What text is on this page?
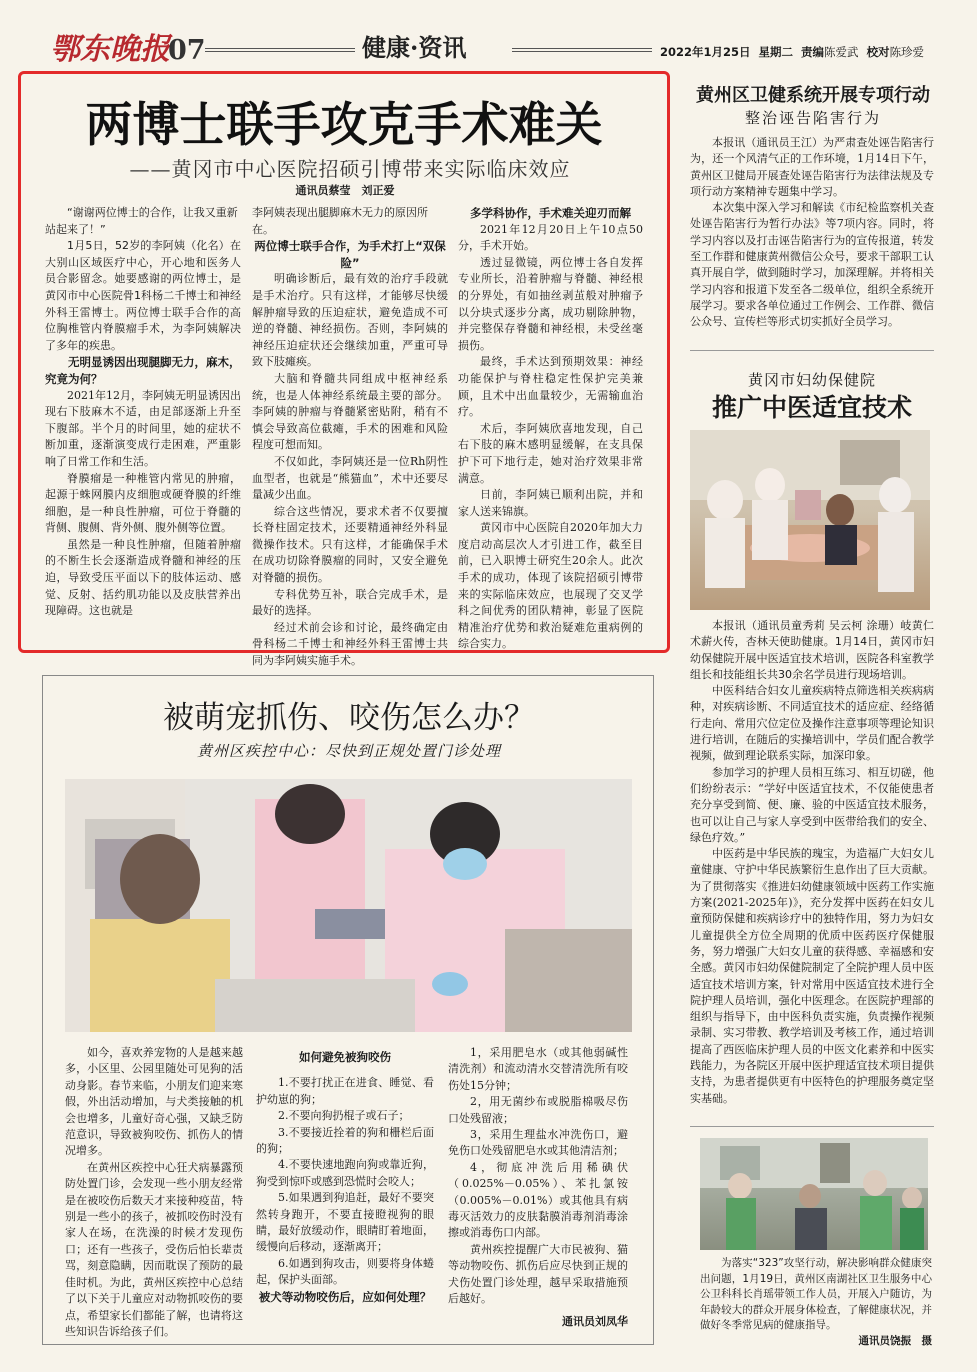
鄂东晚报
07	健康·资讯	2022年1月25日 星期二 责编陈爱武 校对陈珍爱
两博士联手攻克手术难关
——黄冈市中心医院招硕引博带来实际临床效应
通讯员蔡莹　刘正爱

“谢谢两位博士的合作，让我又重新站起来了！”

1月5日，52岁的李阿姨（化名）在大别山区域医疗中心，开心地和医务人员合影留念。她要感谢的两位博士，是黄冈市中心医院骨1科杨二千博士和神经外科王雷博士。两位博士联手合作的高位胸椎管内脊膜瘤手术，为李阿姨解决了多年的疾患。

无明显诱因出现腿脚无力，麻木，究竟为何？

2021年12月，李阿姨无明显诱因出现右下肢麻木不适，由足部逐渐上升至下腹部。半个月的时间里，她的症状不断加重，逐渐演变成行走困难，严重影响了日常工作和生活。

脊膜瘤是一种椎管内常见的肿瘤，起源于蛛网膜内皮细胞或硬脊膜的纤维细胞，是一种良性肿瘤，可位于脊髓的背侧、腹侧、背外侧、腹外侧等位置。

虽然是一种良性肿瘤，但随着肿瘤的不断生长会逐渐造成脊髓和神经的压迫，导致受压平面以下的肢体运动、感觉、反射、括约肌功能以及皮肤营养出现障碍。这也就是

李阿姨表现出腿脚麻木无力的原因所在。

两位博士联手合作，为手术打上“双保险”

明确诊断后，最有效的治疗手段就是手术治疗。只有这样，才能够尽快缓解肿瘤导致的压迫症状，避免造成不可逆的脊髓、神经损伤。否则，李阿姨的神经压迫症状还会继续加重，严重可导致下肢瘫痪。

大脑和脊髓共同组成中枢神经系统，也是人体神经系统最主要的部分。李阿姨的肿瘤与脊髓紧密贴附，稍有不慎会导致高位截瘫，手术的困难和风险程度可想而知。

不仅如此，李阿姨还是一位Rh阴性血型者，也就是“熊猫血”，术中还要尽量减少出血。

综合这些情况，要求术者不仅要擅长脊柱固定技术，还要精通神经外科显微操作技术。只有这样，才能确保手术在成功切除脊膜瘤的同时，又安全避免对脊髓的损伤。

专科优势互补，联合完成手术，是最好的选择。

经过术前会诊和讨论，最终确定由骨科杨二千博士和神经外科王雷博士共同为李阿姨实施手术。

多学科协作，手术难关迎刃而解

2021年12月20日上午10点50分，手术开始。

透过显微镜，两位博士各自发挥专业所长，沿着肿瘤与脊髓、神经根的分界处，有如抽丝剥茧般对肿瘤予以分块式逐步分离，成功剔除肿物，并完整保存脊髓和神经根，未受丝毫损伤。

最终，手术达到预期效果：神经功能保护与脊柱稳定性保护完美兼顾，且术中出血量较少，无需输血治疗。

术后，李阿姨欣喜地发现，自己右下肢的麻木感明显缓解，在支具保护下可下地行走，她对治疗效果非常满意。

日前，李阿姨已顺利出院，并和家人送来锦旗。

黄冈市中心医院自2020年加大力度启动高层次人才引进工作，截至目前，已入职博士研究生20余人。此次手术的成功，体现了该院招硕引博带来的实际临床效应，也展现了交叉学科之间优秀的团队精神，彰显了医院精准治疗优势和救治疑难危重病例的综合实力。

黄州区卫健系统开展专项行动
整治诬告陷害行为

本报讯（通讯员王江）为严肃查处诬告陷害行为，还一个风清气正的工作环境，1月14日下午，黄州区卫健局开展查处诬告陷害行为法律法规及专项行动方案精神专题集中学习。

本次集中深入学习和解读《市纪检监察机关查处诬告陷害行为暂行办法》等7项内容。同时，将学习内容以及打击诬告陷害行为的宣传报道，转发至工作群和健康黄州微信公众号，要求干部职工认真开展自学，做到随时学习，加深理解。并将相关学习内容和报道下发至各二级单位，组织全系统开展学习。要求各单位通过工作例会、工作群、微信公众号、宣传栏等形式切实抓好全员学习。

黄冈市妇幼保健院
推广中医适宜技术

本报讯（通讯员童秀莉 吴云柯 涂珊）岐黄仁术薪火传，杏林天使助健康。1月14日，黄冈市妇幼保健院开展中医适宜技术培训，医院各科室教学组长和技能组长共30余名学员进行现场培训。

中医科结合妇女儿童疾病特点筛选相关疾病病种，对疾病诊断、不同适宜技术的适应症、经络循行走向、常用穴位定位及操作注意事项等理论知识进行培训，在随后的实操培训中，学员们配合教学视频，做到理论联系实际，加深印象。

参加学习的护理人员相互练习、相互切磋，他们纷纷表示：“学好中医适宜技术，不仅能使患者充分享受到简、便、廉、验的中医适宜技术服务，也可以让自己与家人享受到中医带给我们的安全、绿色疗效。”

中医药是中华民族的瑰宝，为造福广大妇女儿童健康、守护中华民族繁衍生息作出了巨大贡献。为了贯彻落实《推进妇幼健康领域中医药工作实施方案(2021-2025年)》，充分发挥中医药在妇女儿童预防保健和疾病诊疗中的独特作用，努力为妇女儿童提供全方位全周期的优质中医药医疗保健服务，努力增强广大妇女儿童的获得感、幸福感和安全感。黄冈市妇幼保健院制定了全院护理人员中医适宜技术培训方案，针对常用中医适宜技术进行全院护理人员培训，强化中医理念。在医院护理部的组织与指导下，由中医科负责实施，负责操作视频录制、实习带教、教学培训及考核工作，通过培训提高了西医临床护理人员的中医文化素养和中医实践能力，为各院区开展中医护理适宜技术项目提供支持，为患者提供更有中医特色的护理服务奠定坚实基础。

为落实“323”攻坚行动，解决影响群众健康突出问题，1月19日，黄州区南湖社区卫生服务中心公卫科科长肖瑶带领工作人员，开展入户随访，为年龄较大的群众开展身体检查，了解健康状况，并做好冬季常见病的健康指导。

通讯员饶振　摄

被萌宠抓伤、咬伤怎么办？
黄州区疾控中心：尽快到正规处置门诊处理

如今，喜欢养宠物的人是越来越多，小区里、公园里随处可见狗的活动身影。春节来临，小朋友们迎来寒假，外出活动增加，与犬类接触的机会也增多，儿童好奇心强，又缺乏防范意识，导致被狗咬伤、抓伤人的情况增多。

在黄州区疾控中心狂犬病暴露预防处置门诊，会发现一些小朋友经常是在被咬伤后数天才来接种疫苗，特别是一些小的孩子，被抓咬伤时没有家人在场，在洗澡的时候才发现伤口；还有一些孩子，受伤后怕长辈责骂，刻意隐瞒，因而耽误了预防的最佳时机。为此，黄州区疾控中心总结了以下关于儿童应对动物抓咬伤的要点，希望家长们都能了解，也请将这些知识告诉给孩子们。

如何避免被狗咬伤

1.不要打扰正在进食、睡觉、看护幼崽的狗；

2.不要向狗扔棍子或石子；

3.不要接近拴着的狗和栅栏后面的狗；

4.不要快速地跑向狗或靠近狗，狗受到惊吓或感到恐慌时会咬人；

5.如果遇到狗追赶，最好不要突然转身跑开，不要直接瞪视狗的眼睛，最好放缓动作，眼睛盯着地面，缓慢向后移动，逐渐离开；

6.如遇到狗攻击，则要将身体蜷起，保护头面部。

被犬等动物咬伤后，应如何处理？

1，采用肥皂水（或其他弱碱性清洗剂）和流动清水交替清洗所有咬伤处15分钟；

2，用无菌纱布或脱脂棉吸尽伤口处残留液；

3，采用生理盐水冲洗伤口，避免伤口处残留肥皂水或其他清洁剂；

4，彻底冲洗后用稀碘伏（0.025%－0.05%）、苯扎氯铵（0.005%－0.01%）或其他具有病毒灭活效力的皮肤黏膜消毒剂消毒涂擦或消毒伤口内部。

黄州疾控提醒广大市民被狗、猫等动物咬伤、抓伤后应尽快到正规的犬伤处置门诊处理，越早采取措施预后越好。

通讯员刘凤华
